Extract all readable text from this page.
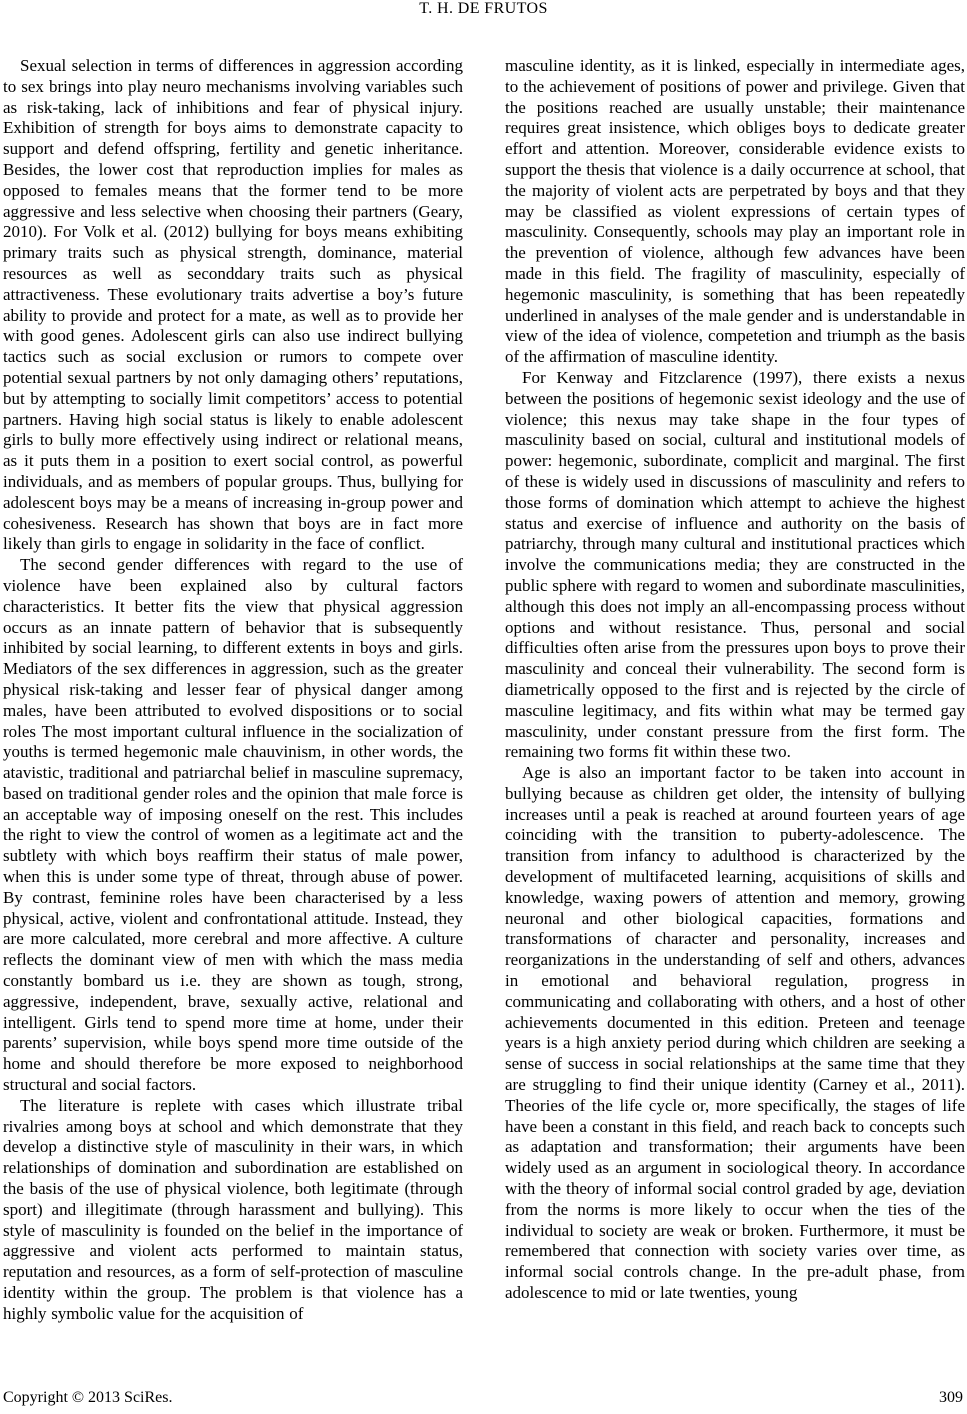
T. H. DE FRUTOS

Sexual selection in terms of differences in aggression according to sex brings into play neuro mechanisms involving variables such as risk-taking, lack of inhibitions and fear of physical injury. Exhibition of strength for boys aims to demonstrate capacity to support and defend offspring, fertility and genetic inheritance. Besides, the lower cost that reproduction implies for males as opposed to females means that the former tend to be more aggressive and less selective when choosing their partners (Geary, 2010). For Volk et al. (2012) bullying for boys means exhibiting primary traits such as physical strength, dominance, material resources as well as seconddary traits such as physical attractiveness. These evolutionary traits advertise a boy’s future ability to provide and protect for a mate, as well as to provide her with good genes. Adolescent girls can also use indirect bullying tactics such as social exclusion or rumors to compete over potential sexual partners by not only damaging others’ reputations, but by attempting to socially limit competitors’ access to potential partners. Having high social status is likely to enable adolescent girls to bully more effectively using indirect or relational means, as it puts them in a position to exert social control, as powerful individuals, and as members of popular groups. Thus, bullying for adolescent boys may be a means of increasing in-group power and cohesiveness. Research has shown that boys are in fact more likely than girls to engage in solidarity in the face of conflict.

The second gender differences with regard to the use of violence have been explained also by cultural factors characteristics. It better fits the view that physical aggression occurs as an innate pattern of behavior that is subsequently inhibited by social learning, to different extents in boys and girls. Mediators of the sex differences in aggression, such as the greater physical risk-taking and lesser fear of physical danger among males, have been attributed to evolved dispositions or to social roles The most important cultural influence in the socialization of youths is termed hegemonic male chauvinism, in other words, the atavistic, traditional and patriarchal belief in masculine supremacy, based on traditional gender roles and the opinion that male force is an acceptable way of imposing oneself on the rest. This includes the right to view the control of women as a legitimate act and the subtlety with which boys reaffirm their status of male power, when this is under some type of threat, through abuse of power. By contrast, feminine roles have been characterised by a less physical, active, violent and confrontational attitude. Instead, they are more calculated, more cerebral and more affective. A culture reflects the dominant view of men with which the mass media constantly bombard us i.e. they are shown as tough, strong, aggressive, independent, brave, sexually active, relational and intelligent. Girls tend to spend more time at home, under their parents’ supervision, while boys spend more time outside of the home and should therefore be more exposed to neighborhood structural and social factors.

The literature is replete with cases which illustrate tribal rivalries among boys at school and which demonstrate that they develop a distinctive style of masculinity in their wars, in which relationships of domination and subordination are established on the basis of the use of physical violence, both legitimate (through sport) and illegitimate (through harassment and bullying). This style of masculinity is founded on the belief in the importance of aggressive and violent acts performed to maintain status, reputation and resources, as a form of self-protection of masculine identity within the group. The problem is that violence has a highly symbolic value for the acquisition of

masculine identity, as it is linked, especially in intermediate ages, to the achievement of positions of power and privilege. Given that the positions reached are usually unstable; their maintenance requires great insistence, which obliges boys to dedicate greater effort and attention. Moreover, considerable evidence exists to support the thesis that violence is a daily occurrence at school, that the majority of violent acts are perpetrated by boys and that they may be classified as violent expressions of certain types of masculinity. Consequently, schools may play an important role in the prevention of violence, although few advances have been made in this field. The fragility of masculinity, especially of hegemonic masculinity, is something that has been repeatedly underlined in analyses of the male gender and is understandable in view of the idea of violence, competetion and triumph as the basis of the affirmation of masculine identity.

For Kenway and Fitzclarence (1997), there exists a nexus between the positions of hegemonic sexist ideology and the use of violence; this nexus may take shape in the four types of masculinity based on social, cultural and institutional models of power: hegemonic, subordinate, complicit and marginal. The first of these is widely used in discussions of masculinity and refers to those forms of domination which attempt to achieve the highest status and exercise of influence and authority on the basis of patriarchy, through many cultural and institutional practices which involve the communications media; they are constructed in the public sphere with regard to women and subordinate masculinities, although this does not imply an all-encompassing process without options and without resistance. Thus, personal and social difficulties often arise from the pressures upon boys to prove their masculinity and conceal their vulnerability. The second form is diametrically opposed to the first and is rejected by the circle of masculine legitimacy, and fits within what may be termed gay masculinity, under constant pressure from the first form. The remaining two forms fit within these two.

Age is also an important factor to be taken into account in bullying because as children get older, the intensity of bullying increases until a peak is reached at around fourteen years of age coinciding with the transition to puberty-adolescence. The transition from infancy to adulthood is characterized by the development of multifaceted learning, acquisitions of skills and knowledge, waxing powers of attention and memory, growing neuronal and other biological capacities, formations and transformations of character and personality, increases and reorganizations in the understanding of self and others, advances in emotional and behavioral regulation, progress in communicating and collaborating with others, and a host of other achievements documented in this edition. Preteen and teenage years is a high anxiety period during which children are seeking a sense of success in social relationships at the same time that they are struggling to find their unique identity (Carney et al., 2011). Theories of the life cycle or, more specifically, the stages of life have been a constant in this field, and reach back to concepts such as adaptation and transformation; their arguments have been widely used as an argument in sociological theory. In accordance with the theory of informal social control graded by age, deviation from the norms is more likely to occur when the ties of the individual to society are weak or broken. Furthermore, it must be remembered that connection with society varies over time, as informal social controls change. In the pre-adult phase, from adolescence to mid or late twenties, young

Copyright © 2013 SciRes.	309
